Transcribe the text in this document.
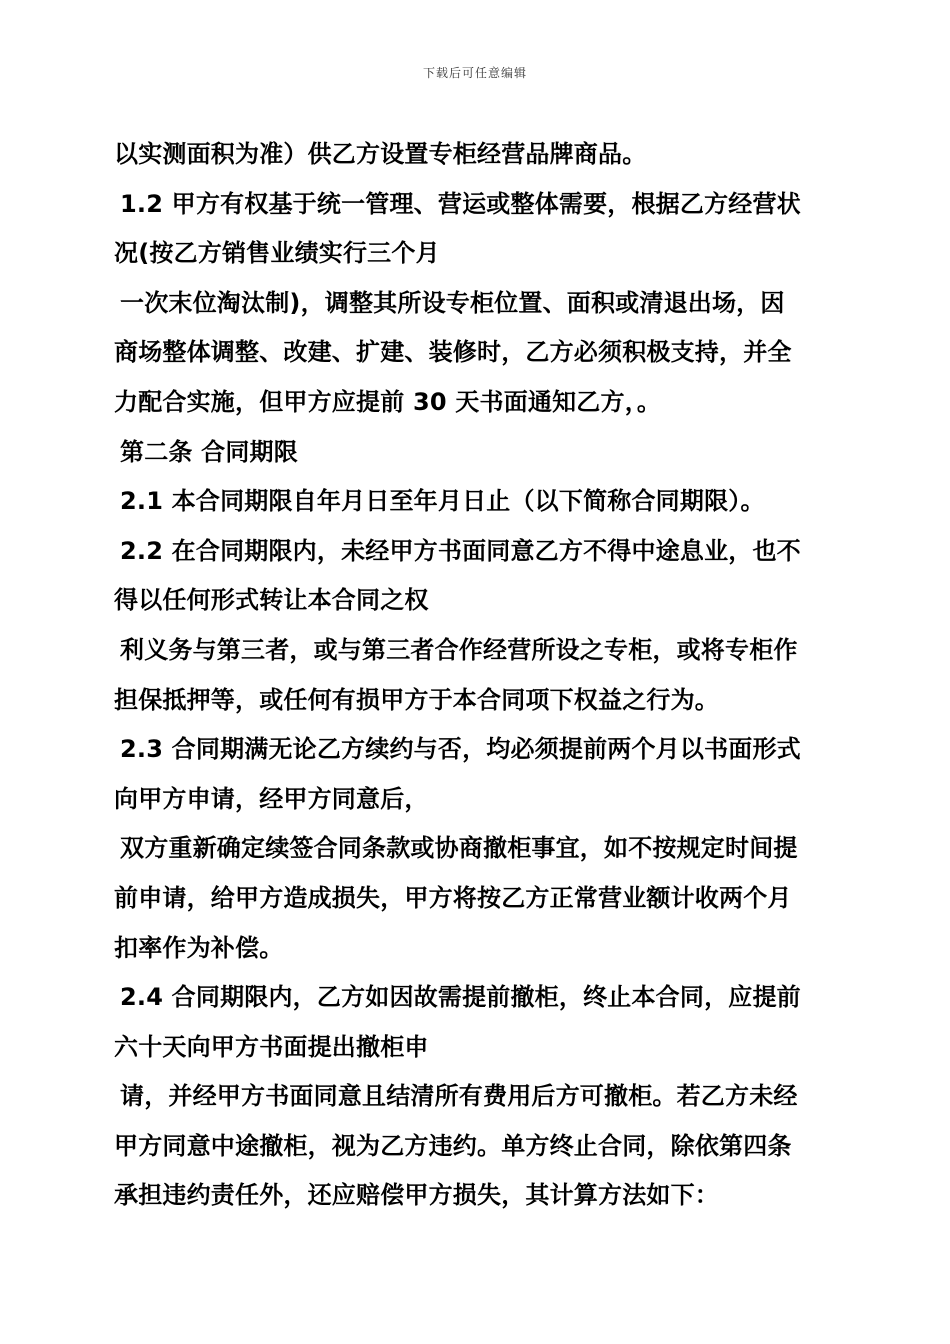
下载后可任意编辑
以实测面积为准）供乙方设置专柜经营品牌商品。
1.2 甲方有权基于统一管理、营运或整体需要，根据乙方经营状
况(按乙方销售业绩实行三个月
一次末位淘汰制)，调整其所设专柜位置、面积或清退出场，因
商场整体调整、改建、扩建、装修时，乙方必须积极支持，并全
力配合实施，但甲方应提前 30 天书面通知乙方，。
第二条 合同期限
2.1 本合同期限自年月日至年月日止（以下简称合同期限）。
2.2 在合同期限内，未经甲方书面同意乙方不得中途息业，也不
得以任何形式转让本合同之权
利义务与第三者，或与第三者合作经营所设之专柜，或将专柜作
担保抵押等，或任何有损甲方于本合同项下权益之行为。
2.3 合同期满无论乙方续约与否，均必须提前两个月以书面形式
向甲方申请，经甲方同意后，
双方重新确定续签合同条款或协商撤柜事宜，如不按规定时间提
前申请，给甲方造成损失，甲方将按乙方正常营业额计收两个月
扣率作为补偿。
2.4 合同期限内，乙方如因故需提前撤柜，终止本合同，应提前
六十天向甲方书面提出撤柜申
请，并经甲方书面同意且结清所有费用后方可撤柜。若乙方未经
甲方同意中途撤柜，视为乙方违约。单方终止合同，除依第四条
承担违约责任外，还应赔偿甲方损失，其计算方法如下：
